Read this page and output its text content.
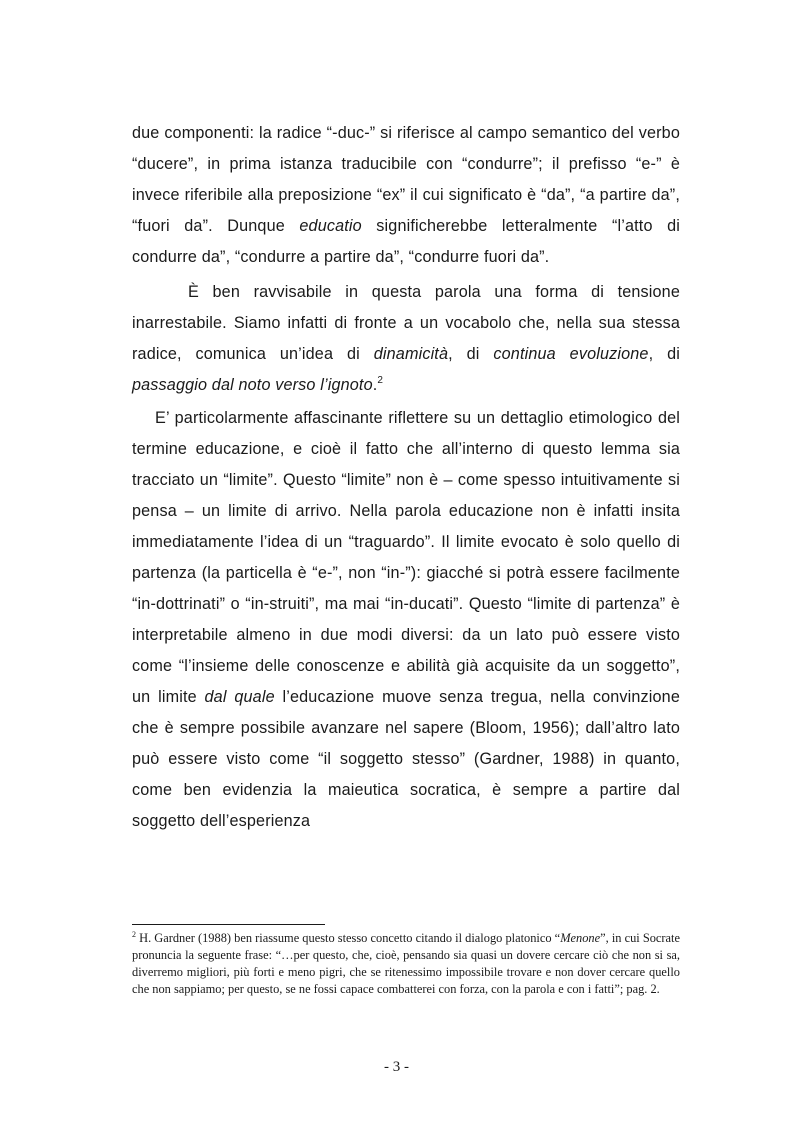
due componenti: la radice “-duc-” si riferisce al campo semantico del verbo “ducere”, in prima istanza traducibile con “condurre”; il prefisso “e-” è invece riferibile alla preposizione “ex” il cui significato è “da”, “a partire da”, “fuori da”. Dunque educatio significherebbe letteralmente “l’atto di condurre da”, “condurre a partire da”, “condurre fuori da”.

È ben ravvisabile in questa parola una forma di tensione inarrestabile. Siamo infatti di fronte a un vocabolo che, nella sua stessa radice, comunica un’idea di dinamicità, di continua evoluzione, di passaggio dal noto verso l’ignoto.$^2$

E’ particolarmente affascinante riflettere su un dettaglio etimologico del termine educazione, e cioè il fatto che all’interno di questo lemma sia tracciato un “limite”. Questo “limite” non è – come spesso intuitivamente si pensa – un limite di arrivo. Nella parola educazione non è infatti insita immediatamente l’idea di un “traguardo”. Il limite evocato è solo quello di partenza (la particella è “e-”, non “in-”): giacché si potrà essere facilmente “in-dottrinati” o “in-struiti”, ma mai “in-ducati”. Questo “limite di partenza” è interpretabile almeno in due modi diversi: da un lato può essere visto come “l’insieme delle conoscenze e abilità già acquisite da un soggetto”, un limite dal quale l’educazione muove senza tregua, nella convinzione che è sempre possibile avanzare nel sapere (Bloom, 1956); dall’altro lato può essere visto come “il soggetto stesso” (Gardner, 1988) in quanto, come ben evidenzia la maieutica socratica, è sempre a partire dal soggetto dell’esperienza

$^2$ H. Gardner (1988) ben riassume questo stesso concetto citando il dialogo platonico “Menone”, in cui Socrate pronuncia la seguente frase: “…per questo, che, cioè, pensando sia quasi un dovere cercare ciò che non si sa, diverremo migliori, più forti e meno pigri, che se ritenessimo impossibile trovare e non dover cercare quello che non sappiamo; per questo, se ne fossi capace combatterei con forza, con la parola e con i fatti”; pag. 2.

- 3 -
